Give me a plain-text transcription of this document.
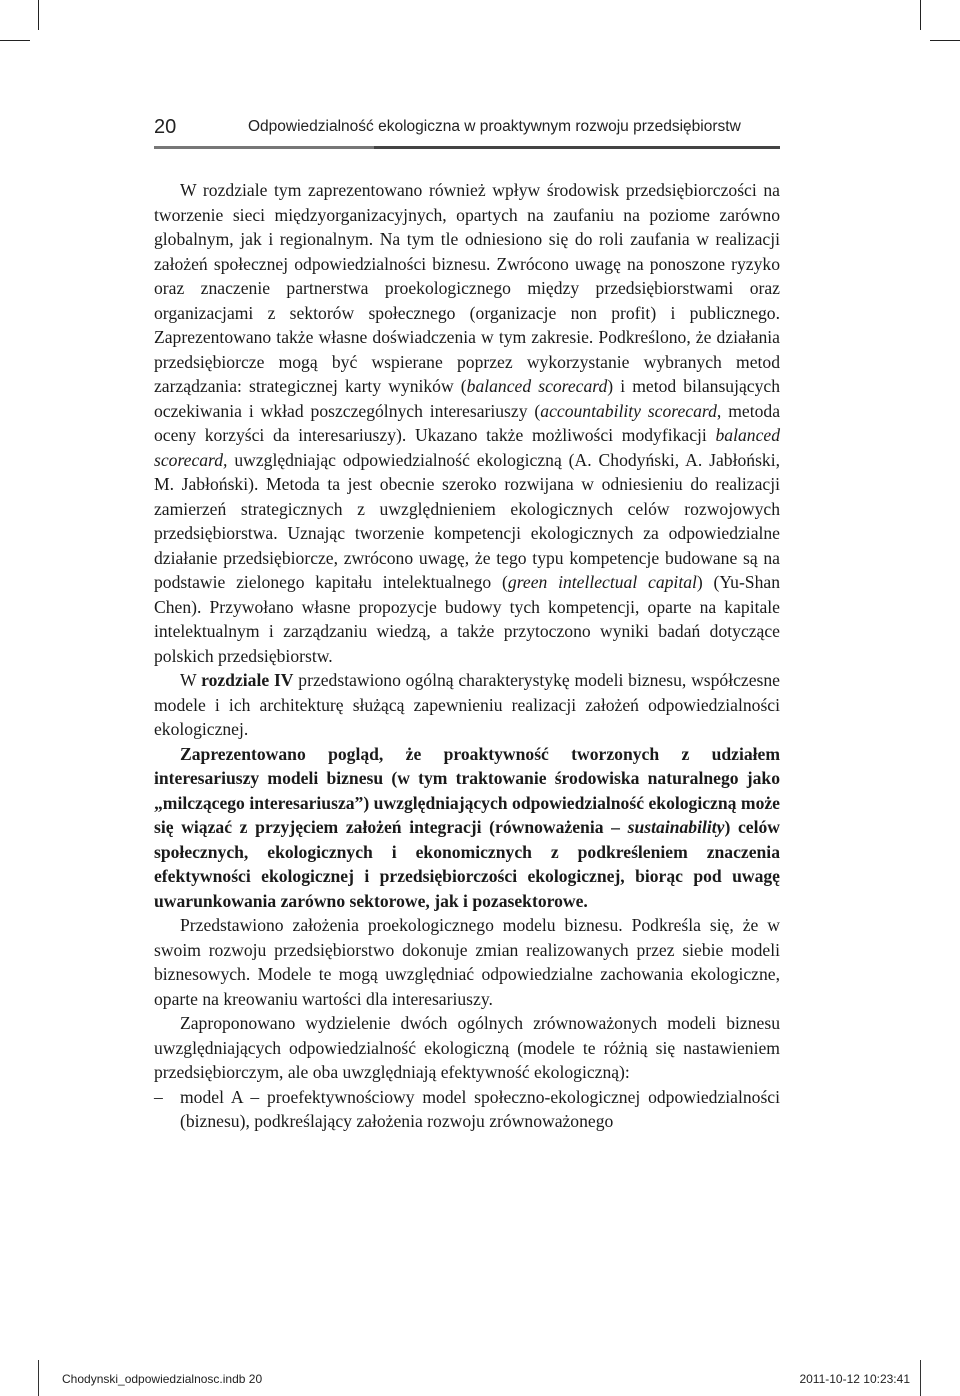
20	Odpowiedzialność ekologiczna w proaktywnym rozwoju przedsiębiorstw

W rozdziale tym zaprezentowano również wpływ środowisk przedsiębiorczości na tworzenie sieci międzyorganizacyjnych, opartych na zaufaniu na poziome zarówno globalnym, jak i regionalnym. Na tym tle odniesiono się do roli zaufania w realizacji założeń społecznej odpowiedzialności biznesu. Zwrócono uwagę na ponoszone ryzyko oraz znaczenie partnerstwa proekologicznego między przedsiębiorstwami oraz organizacjami z sektorów społecznego (organizacje non profit) i publicznego. Zaprezentowano także własne doświadczenia w tym zakresie. Podkreślono, że działania przedsiębiorcze mogą być wspierane poprzez wykorzystanie wybranych metod zarządzania: strategicznej karty wyników (balanced scorecard) i metod bilansujących oczekiwania i wkład poszczególnych interesariuszy (accountability scorecard, metoda oceny korzyści da interesariuszy). Ukazano także możliwości modyfikacji balanced scorecard, uwzględniając odpowiedzialność ekologiczną (A. Chodyński, A. Jabłoński, M. Jabłoński). Metoda ta jest obecnie szeroko rozwijana w odniesieniu do realizacji zamierzeń strategicznych z uwzględnieniem ekologicznych celów rozwojowych przedsiębiorstwa. Uznając tworzenie kompetencji ekologicznych za odpowiedzialne działanie przedsiębiorcze, zwrócono uwagę, że tego typu kompetencje budowane są na podstawie zielonego kapitału intelektualnego (green intellectual capital) (Yu-Shan Chen). Przywołano własne propozycje budowy tych kompetencji, oparte na kapitale intelektualnym i zarządzaniu wiedzą, a także przytoczono wyniki badań dotyczące polskich przedsiębiorstw.

W rozdziale IV przedstawiono ogólną charakterystykę modeli biznesu, współczesne modele i ich architekturę służącą zapewnieniu realizacji założeń odpowiedzialności ekologicznej.

Zaprezentowano pogląd, że proaktywność tworzonych z udziałem interesariuszy modeli biznesu (w tym traktowanie środowiska naturalnego jako „milczącego interesariusza”) uwzględniających odpowiedzialność ekologiczną może się wiązać z przyjęciem założeń integracji (równoważenia – sustainability) celów społecznych, ekologicznych i ekonomicznych z podkreśleniem znaczenia efektywności ekologicznej i przedsiębiorczości ekologicznej, biorąc pod uwagę uwarunkowania zarówno sektorowe, jak i pozasektorowe.

Przedstawiono założenia proekologicznego modelu biznesu. Podkreśla się, że w swoim rozwoju przedsiębiorstwo dokonuje zmian realizowanych przez siebie modeli biznesowych. Modele te mogą uwzględniać odpowiedzialne zachowania ekologiczne, oparte na kreowaniu wartości dla interesariuszy.

Zaproponowano wydzielenie dwóch ogólnych zrównoważonych modeli biznesu uwzględniających odpowiedzialność ekologiczną (modele te różnią się nastawieniem przedsiębiorczym, ale oba uwzględniają efektywność ekologiczną):

– model A – proefektywnościowy model społeczno-ekologicznej odpowiedzialności (biznesu), podkreślający założenia rozwoju zrównoważonego

Chodynski_odpowiedzialnosc.indb 20	2011-10-12 10:23:41
